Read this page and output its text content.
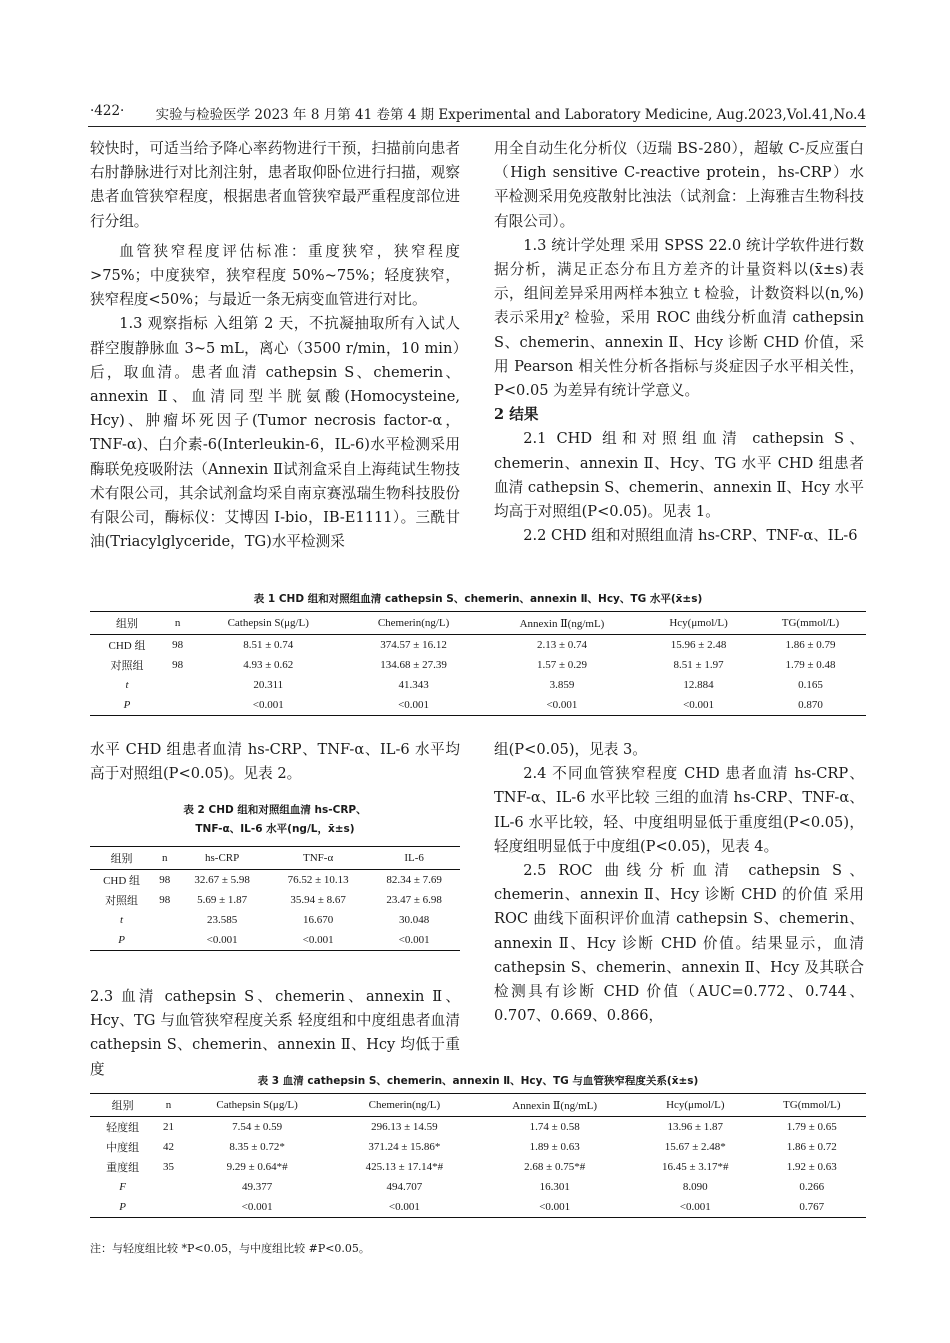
·422· 实验与检验医学 2023 年 8 月第 41 卷第 4 期 Experimental and Laboratory Medicine, Aug.2023,Vol.41,No.4

较快时，可适当给予降心率药物进行干预，扫描前向患者右肘静脉进行对比剂注射，患者取仰卧位进行扫描，观察患者血管狭窄程度，根据患者血管狭窄最严重程度部位进行分组。

血管狭窄程度评估标准：重度狭窄，狭窄程度>75%；中度狭窄，狭窄程度 50%~75%；轻度狭窄，狭窄程度<50%；与最近一条无病变血管进行对比。

1.3 观察指标 入组第 2 天，不抗凝抽取所有入试人群空腹静脉血 3~5 mL，离心（3500 r/min，10 min）后，取血清。患者血清 cathepsin S、chemerin、annexin Ⅱ、血清同型半胱氨酸(Homocysteine, Hcy)、肿瘤坏死因子(Tumor necrosis factor-α，TNF-α)、白介素-6(Interleukin-6，IL-6)水平检测采用酶联免疫吸附法（Annexin Ⅱ试剂盒采自上海莼试生物技术有限公司，其余试剂盒均采自南京赛泓瑞生物科技股份有限公司，酶标仪：艾博因 I-bio，IB-E1111）。三酰甘油(Triacylglyceride，TG)水平检测采

用全自动生化分析仪（迈瑞 BS-280），超敏 C-反应蛋白（High sensitive C-reactive protein，hs-CRP）水平检测采用免疫散射比浊法（试剂盒：上海雅吉生物科技有限公司）。

1.3 统计学处理 采用 SPSS 22.0 统计学软件进行数据分析，满足正态分布且方差齐的计量资料以(x̄±s)表示，组间差异采用两样本独立 t 检验，计数资料以(n,%)表示采用χ² 检验，采用 ROC 曲线分析血清 cathepsin S、chemerin、annexin Ⅱ、Hcy 诊断 CHD 价值，采用 Pearson 相关性分析各指标与炎症因子水平相关性，P<0.05 为差异有统计学意义。

2 结果

2.1 CHD 组和对照组血清 cathepsin S、chemerin、annexin Ⅱ、Hcy、TG 水平 CHD 组患者血清 cathepsin S、chemerin、annexin Ⅱ、Hcy 水平均高于对照组(P<0.05)。见表 1。

2.2 CHD 组和对照组血清 hs-CRP、TNF-α、IL-6

表 1 CHD 组和对照组血清 cathepsin S、chemerin、annexin Ⅱ、Hcy、TG 水平(x̄±s)
组别	n	Cathepsin S(μg/L)	Chemerin(ng/L)	Annexin Ⅱ(ng/mL)	Hcy(μmol/L)	TG(mmol/L)
CHD 组	98	8.51 ± 0.74	374.57 ± 16.12	2.13 ± 0.74	15.96 ± 2.48	1.86 ± 0.79
对照组	98	4.93 ± 0.62	134.68 ± 27.39	1.57 ± 0.29	8.51 ± 1.97	1.79 ± 0.48
t		20.311	41.343	3.859	12.884	0.165
P		<0.001	<0.001	<0.001	<0.001	0.870

水平 CHD 组患者血清 hs-CRP、TNF-α、IL-6 水平均高于对照组(P<0.05)。见表 2。

表 2 CHD 组和对照组血清 hs-CRP、
TNF-α、IL-6 水平(ng/L，x̄±s)
组别	n	hs-CRP	TNF-α	IL-6
CHD 组	98	32.67 ± 5.98	76.52 ± 10.13	82.34 ± 7.69
对照组	98	5.69 ± 1.87	35.94 ± 8.67	23.47 ± 6.98
t		23.585	16.670	30.048
P		<0.001	<0.001	<0.001

2.3 血清 cathepsin S、chemerin、annexin Ⅱ、Hcy、TG 与血管狭窄程度关系 轻度组和中度组患者血清 cathepsin S、chemerin、annexin Ⅱ、Hcy 均低于重度

组(P<0.05)，见表 3。

2.4 不同血管狭窄程度 CHD 患者血清 hs-CRP、TNF-α、IL-6 水平比较 三组的血清 hs-CRP、TNF-α、IL-6 水平比较，轻、中度组明显低于重度组(P<0.05)，轻度组明显低于中度组(P<0.05)，见表 4。

2.5 ROC 曲线分析血清 cathepsin S、chemerin、annexin Ⅱ、Hcy 诊断 CHD 的价值 采用 ROC 曲线下面积评价血清 cathepsin S、chemerin、annexin Ⅱ、Hcy 诊断 CHD 价值。结果显示，血清 cathepsin S、chemerin、annexin Ⅱ、Hcy 及其联合检测具有诊断 CHD 价值（AUC=0.772、0.744、0.707、0.669、0.866，

表 3 血清 cathepsin S、chemerin、annexin Ⅱ、Hcy、TG 与血管狭窄程度关系(x̄±s)
组别	n	Cathepsin S(μg/L)	Chemerin(ng/L)	Annexin Ⅱ(ng/mL)	Hcy(μmol/L)	TG(mmol/L)
轻度组	21	7.54 ± 0.59	296.13 ± 14.59	1.74 ± 0.58	13.96 ± 1.87	1.79 ± 0.65
中度组	42	8.35 ± 0.72*	371.24 ± 15.86*	1.89 ± 0.63	15.67 ± 2.48*	1.86 ± 0.72
重度组	35	9.29 ± 0.64*#	425.13 ± 17.14*#	2.68 ± 0.75*#	16.45 ± 3.17*#	1.92 ± 0.63
F		49.377	494.707	16.301	8.090	0.266
P		<0.001	<0.001	<0.001	<0.001	0.767
注：与轻度组比较 *P<0.05，与中度组比较 #P<0.05。
